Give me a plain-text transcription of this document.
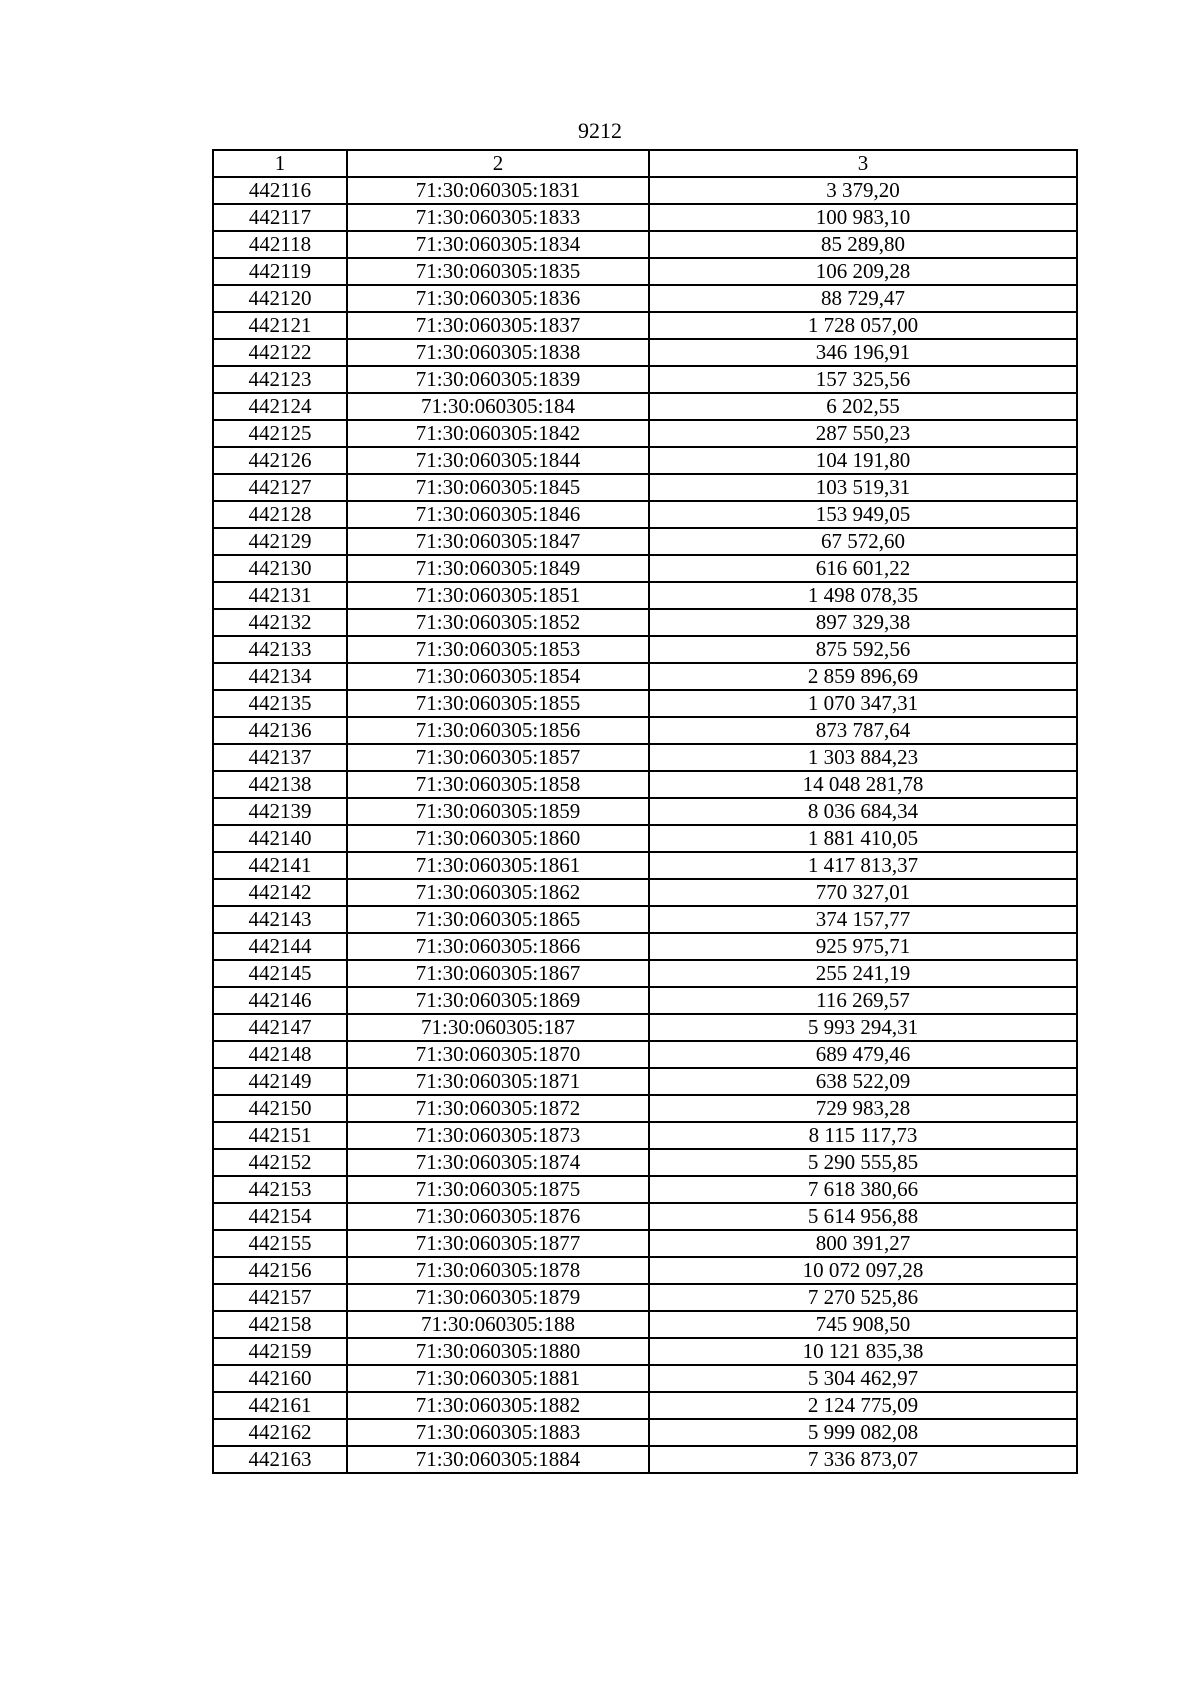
9212
1	2	3
442116	71:30:060305:1831	3 379,20
442117	71:30:060305:1833	100 983,10
442118	71:30:060305:1834	85 289,80
442119	71:30:060305:1835	106 209,28
442120	71:30:060305:1836	88 729,47
442121	71:30:060305:1837	1 728 057,00
442122	71:30:060305:1838	346 196,91
442123	71:30:060305:1839	157 325,56
442124	71:30:060305:184	6 202,55
442125	71:30:060305:1842	287 550,23
442126	71:30:060305:1844	104 191,80
442127	71:30:060305:1845	103 519,31
442128	71:30:060305:1846	153 949,05
442129	71:30:060305:1847	67 572,60
442130	71:30:060305:1849	616 601,22
442131	71:30:060305:1851	1 498 078,35
442132	71:30:060305:1852	897 329,38
442133	71:30:060305:1853	875 592,56
442134	71:30:060305:1854	2 859 896,69
442135	71:30:060305:1855	1 070 347,31
442136	71:30:060305:1856	873 787,64
442137	71:30:060305:1857	1 303 884,23
442138	71:30:060305:1858	14 048 281,78
442139	71:30:060305:1859	8 036 684,34
442140	71:30:060305:1860	1 881 410,05
442141	71:30:060305:1861	1 417 813,37
442142	71:30:060305:1862	770 327,01
442143	71:30:060305:1865	374 157,77
442144	71:30:060305:1866	925 975,71
442145	71:30:060305:1867	255 241,19
442146	71:30:060305:1869	116 269,57
442147	71:30:060305:187	5 993 294,31
442148	71:30:060305:1870	689 479,46
442149	71:30:060305:1871	638 522,09
442150	71:30:060305:1872	729 983,28
442151	71:30:060305:1873	8 115 117,73
442152	71:30:060305:1874	5 290 555,85
442153	71:30:060305:1875	7 618 380,66
442154	71:30:060305:1876	5 614 956,88
442155	71:30:060305:1877	800 391,27
442156	71:30:060305:1878	10 072 097,28
442157	71:30:060305:1879	7 270 525,86
442158	71:30:060305:188	745 908,50
442159	71:30:060305:1880	10 121 835,38
442160	71:30:060305:1881	5 304 462,97
442161	71:30:060305:1882	2 124 775,09
442162	71:30:060305:1883	5 999 082,08
442163	71:30:060305:1884	7 336 873,07
